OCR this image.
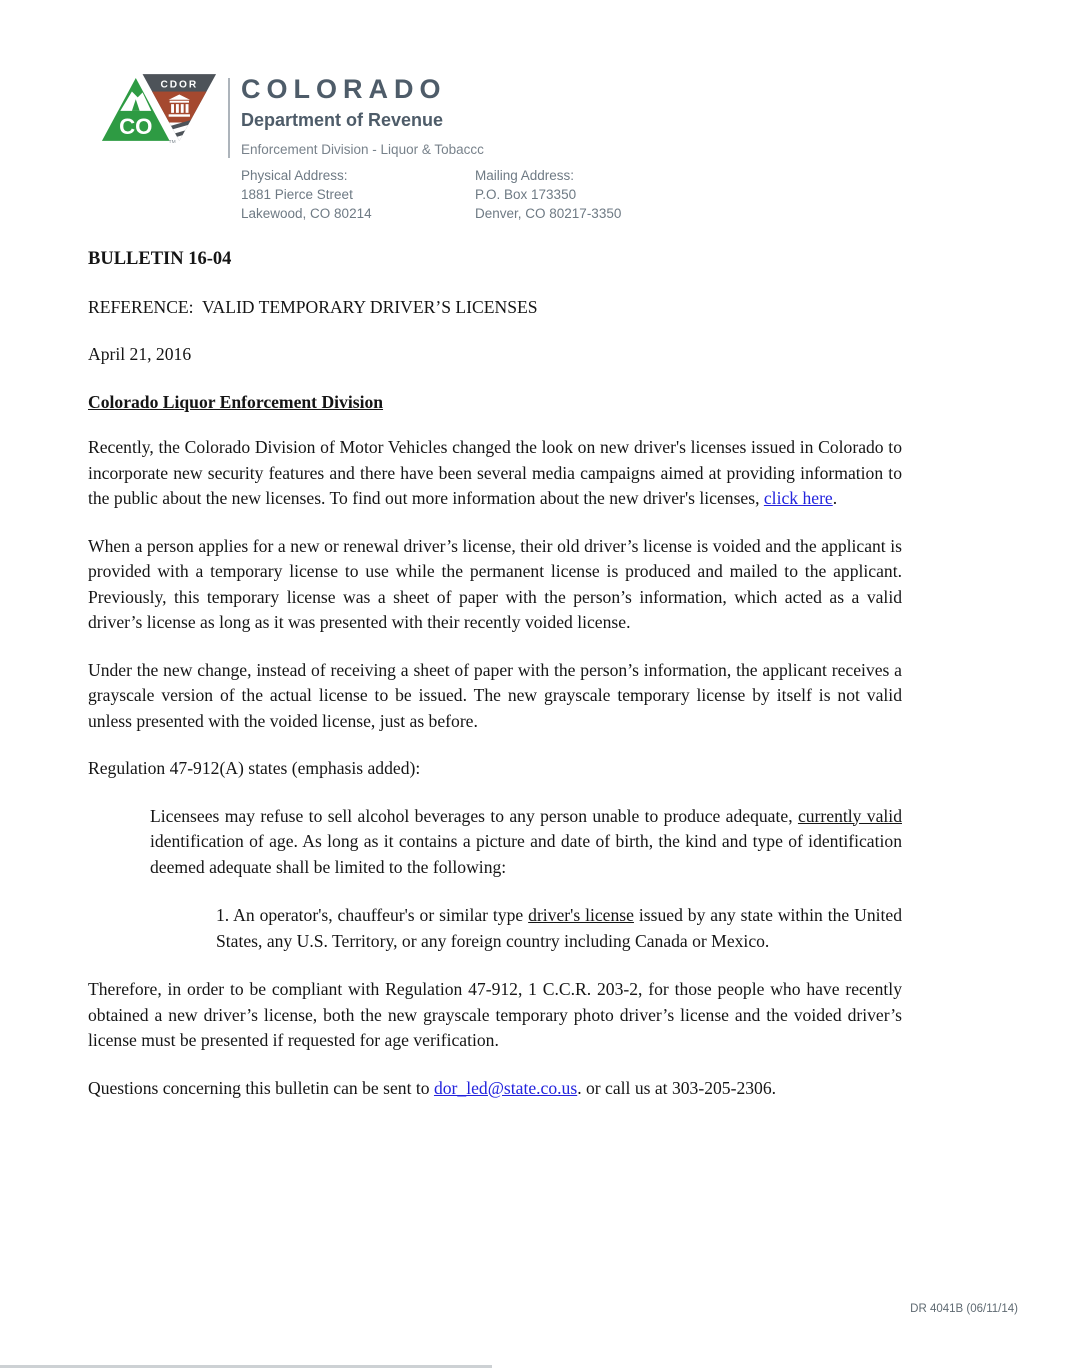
CDOR
CO
TM
COLORADO
Department of Revenue
Enforcement Division - Liquor & Tobaccc
Physical Address:
1881 Pierce Street
Lakewood, CO 80214
Mailing Address:
P.O. Box 173350
Denver, CO 80217-3350

BULLETIN 16-04

REFERENCE:  VALID TEMPORARY DRIVER’S LICENSES

April 21, 2016

Colorado Liquor Enforcement Division

Recently, the Colorado Division of Motor Vehicles changed the look on new driver's licenses issued in Colorado to incorporate new security features and there have been several media campaigns aimed at providing information to the public about the new licenses. To find out more information about the new driver's licenses, click here.

When a person applies for a new or renewal driver’s license, their old driver’s license is voided and the applicant is provided with a temporary license to use while the permanent license is produced and mailed to the applicant. Previously, this temporary license was a sheet of paper with the person’s information, which acted as a valid driver’s license as long as it was presented with their recently voided license.

Under the new change, instead of receiving a sheet of paper with the person’s information, the applicant receives a grayscale version of the actual license to be issued. The new grayscale temporary license by itself is not valid unless presented with the voided license, just as before.

Regulation 47-912(A) states (emphasis added):

Licensees may refuse to sell alcohol beverages to any person unable to produce adequate, currently valid identification of age. As long as it contains a picture and date of birth, the kind and type of identification deemed adequate shall be limited to the following:
1. An operator's, chauffeur's or similar type driver's license issued by any state within the United States, any U.S. Territory, or any foreign country including Canada or Mexico.

Therefore, in order to be compliant with Regulation 47-912, 1 C.C.R. 203-2, for those people who have recently obtained a new driver’s license, both the new grayscale temporary photo driver’s license and the voided driver’s license must be presented if requested for age verification.

Questions concerning this bulletin can be sent to dor_led@state.co.us. or call us at 303-205-2306.

DR 4041B (06/11/14)
